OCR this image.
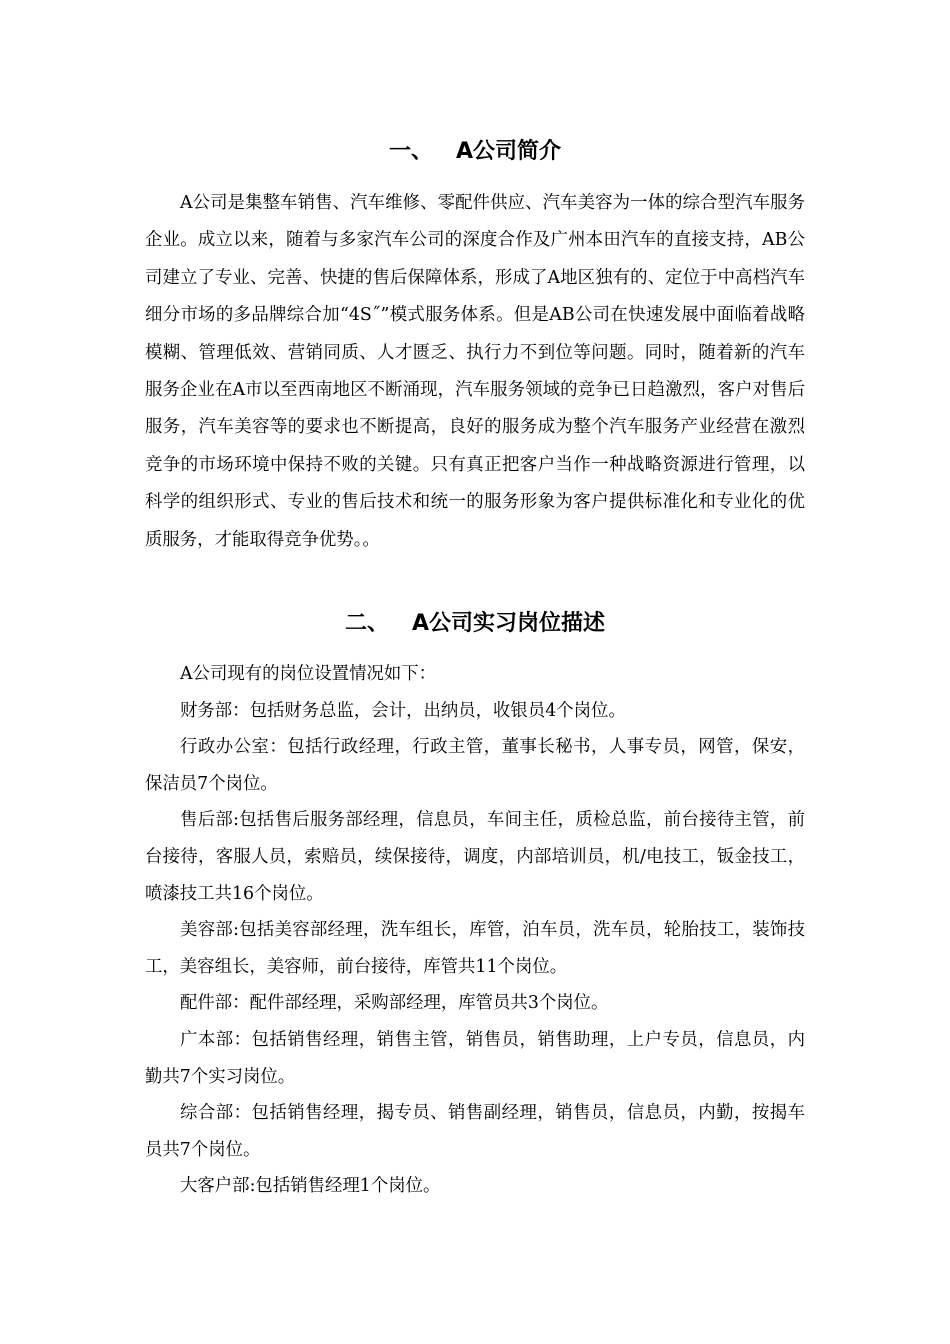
一、   A公司简介

A公司是集整车销售、汽车维修、零配件供应、汽车美容为一体的综合型汽车服务企业。成立以来，随着与多家汽车公司的深度合作及广州本田汽车的直接支持，AB公司建立了专业、完善、快捷的售后保障体系，形成了A地区独有的、定位于中高档汽车细分市场的多品牌综合加“4S˝”模式服务体系。但是AB公司在快速发展中面临着战略模糊、管理低效、营销同质、人才匮乏、执行力不到位等问题。同时，随着新的汽车服务企业在A市以至西南地区不断涌现，汽车服务领域的竞争已日趋激烈，客户对售后服务，汽车美容等的要求也不断提高，良好的服务成为整个汽车服务产业经营在激烈竞争的市场环境中保持不败的关键。只有真正把客户当作一种战略资源进行管理，以科学的组织形式、专业的售后技术和统一的服务形象为客户提供标准化和专业化的优质服务，才能取得竞争优势。。

二、   A公司实习岗位描述

A公司现有的岗位设置情况如下：

财务部：包括财务总监，会计，出纳员，收银员4个岗位。

行政办公室：包括行政经理，行政主管，董事长秘书，人事专员，网管，保安，保洁员7个岗位。

售后部:包括售后服务部经理，信息员，车间主任，质检总监，前台接待主管，前台接待，客服人员，索赔员，续保接待，调度，内部培训员，机/电技工，钣金技工，喷漆技工共16个岗位。

美容部:包括美容部经理，洗车组长，库管，泊车员，洗车员，轮胎技工，装饰技工，美容组长，美容师，前台接待，库管共11个岗位。

配件部：配件部经理，采购部经理，库管员共3个岗位。

广本部：包括销售经理，销售主管，销售员，销售助理，上户专员，信息员，内勤共7个实习岗位。

综合部：包括销售经理，揭专员、销售副经理，销售员，信息员，内勤，按揭车员共7个岗位。

大客户部:包括销售经理1个岗位。
